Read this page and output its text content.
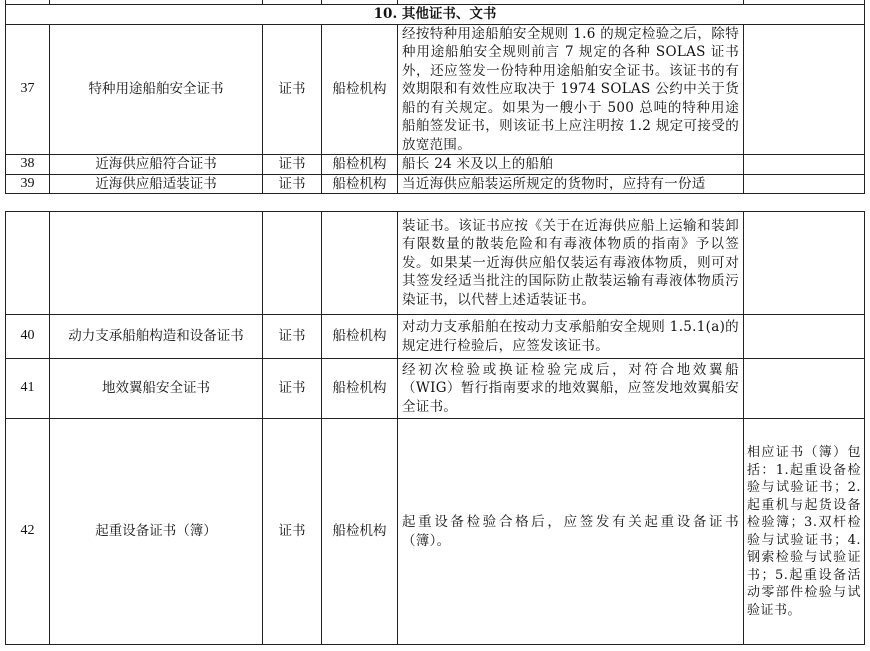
10. 其他证书、文书					
37	特种用途船舶安全证书	证书	船检机构	经按特种用途船舶安全规则 1.6 的规定检验之后，除特种用途船舶安全规则前言 7 规定的各种 SOLAS 证书外，还应签发一份特种用途船舶安全证书。该证书的有效期限和有效性应取决于 1974 SOLAS 公约中关于货船的有关规定。如果为一艘小于 500 总吨的特种用途船舶签发证书，则该证书上应注明按 1.2 规定可接受的放宽范围。	
38	近海供应船符合证书	证书	船检机构	船长 24 米及以上的船舶	
39	近海供应船适装证书	证书	船检机构	当近海供应船装运所规定的货物时，应持有一份适	
				装证书。该证书应按《关于在近海供应船上运输和装卸有限数量的散装危险和有毒液体物质的指南》予以签发。如果某一近海供应船仅装运有毒液体物质，则可对其签发经适当批注的国际防止散装运输有毒液体物质污染证书，以代替上述适装证书。	
40	动力支承船舶构造和设备证书	证书	船检机构	对动力支承船舶在按动力支承船舶安全规则 1.5.1(a)的规定进行检验后，应签发该证书。	
41	地效翼船安全证书	证书	船检机构	经初次检验或换证检验完成后，对符合地效翼船（WIG）暂行指南要求的地效翼船，应签发地效翼船安全证书。	
42	起重设备证书（簿）	证书	船检机构	起重设备检验合格后，应签发有关起重设备证书（簿）。	相应证书（簿）包括：1.起重设备检验与试验证书；2.起重机与起货设备检验簿；3.双杆检验与试验证书；4.钢索检验与试验证书；5.起重设备活动零部件检验与试验证书。
